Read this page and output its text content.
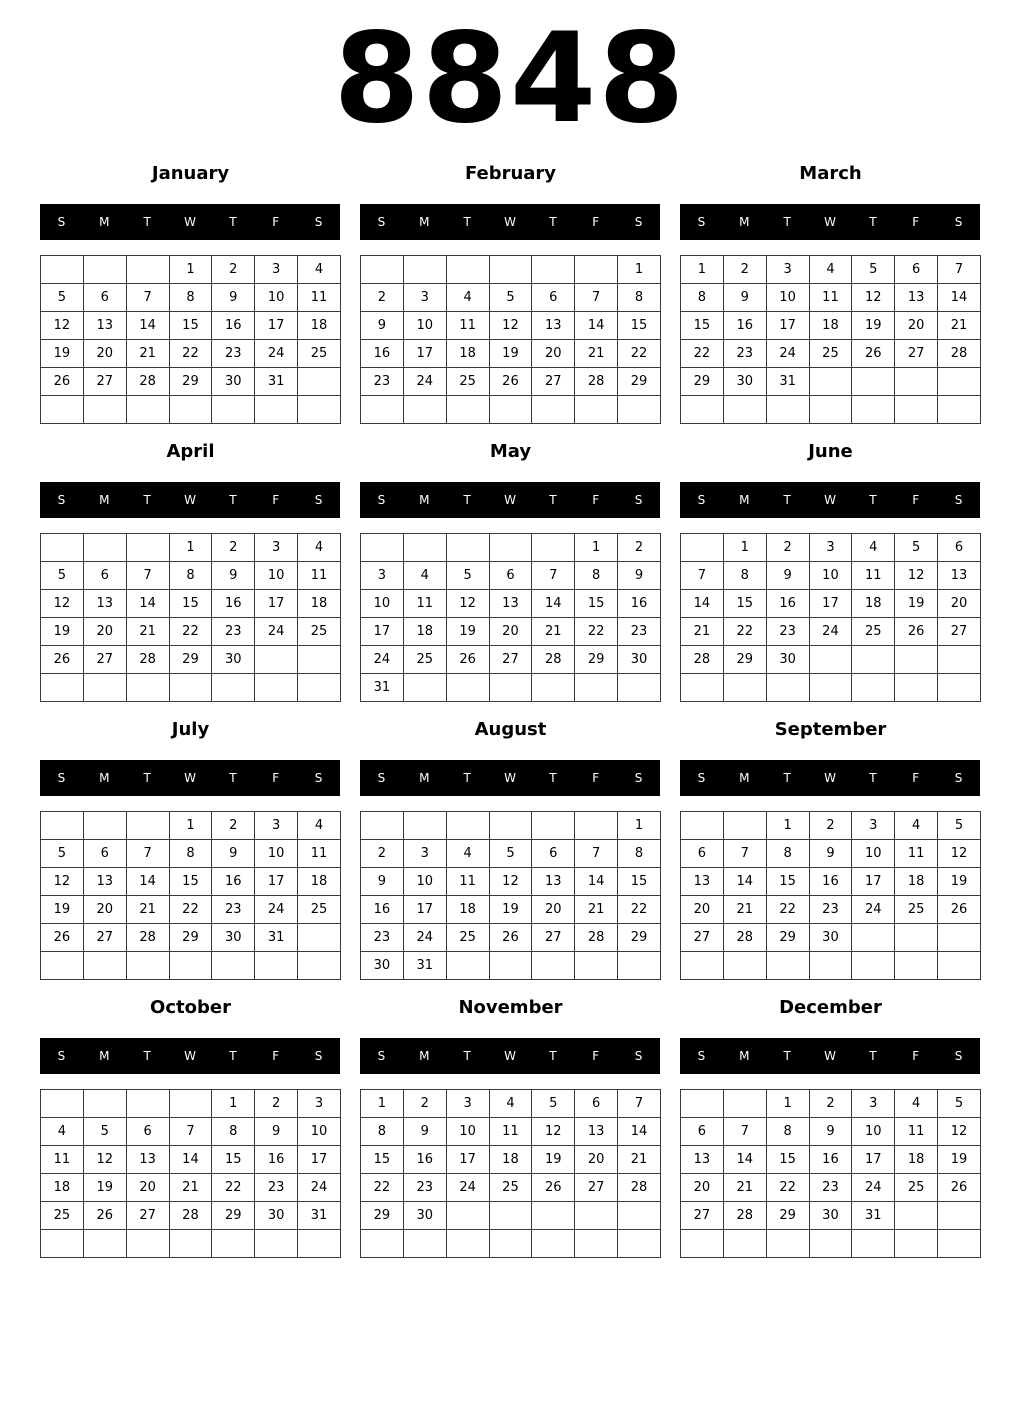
8848
January
S	M	T	W	T	F	S
			1	2	3	4
5	6	7	8	9	10	11
12	13	14	15	16	17	18
19	20	21	22	23	24	25
26	27	28	29	30	31	

February
S	M	T	W	T	F	S
						1
2	3	4	5	6	7	8
9	10	11	12	13	14	15
16	17	18	19	20	21	22
23	24	25	26	27	28	29

March
S	M	T	W	T	F	S
1	2	3	4	5	6	7
8	9	10	11	12	13	14
15	16	17	18	19	20	21
22	23	24	25	26	27	28
29	30	31				

April
S	M	T	W	T	F	S
			1	2	3	4
5	6	7	8	9	10	11
12	13	14	15	16	17	18
19	20	21	22	23	24	25
26	27	28	29	30		

May
S	M	T	W	T	F	S
					1	2
3	4	5	6	7	8	9
10	11	12	13	14	15	16
17	18	19	20	21	22	23
24	25	26	27	28	29	30
31						
June
S	M	T	W	T	F	S
	1	2	3	4	5	6
7	8	9	10	11	12	13
14	15	16	17	18	19	20
21	22	23	24	25	26	27
28	29	30				

July
S	M	T	W	T	F	S
			1	2	3	4
5	6	7	8	9	10	11
12	13	14	15	16	17	18
19	20	21	22	23	24	25
26	27	28	29	30	31	

August
S	M	T	W	T	F	S
						1
2	3	4	5	6	7	8
9	10	11	12	13	14	15
16	17	18	19	20	21	22
23	24	25	26	27	28	29
30	31					
September
S	M	T	W	T	F	S
		1	2	3	4	5
6	7	8	9	10	11	12
13	14	15	16	17	18	19
20	21	22	23	24	25	26
27	28	29	30			

October
S	M	T	W	T	F	S
				1	2	3
4	5	6	7	8	9	10
11	12	13	14	15	16	17
18	19	20	21	22	23	24
25	26	27	28	29	30	31

November
S	M	T	W	T	F	S
1	2	3	4	5	6	7
8	9	10	11	12	13	14
15	16	17	18	19	20	21
22	23	24	25	26	27	28
29	30					

December
S	M	T	W	T	F	S
		1	2	3	4	5
6	7	8	9	10	11	12
13	14	15	16	17	18	19
20	21	22	23	24	25	26
27	28	29	30	31		
